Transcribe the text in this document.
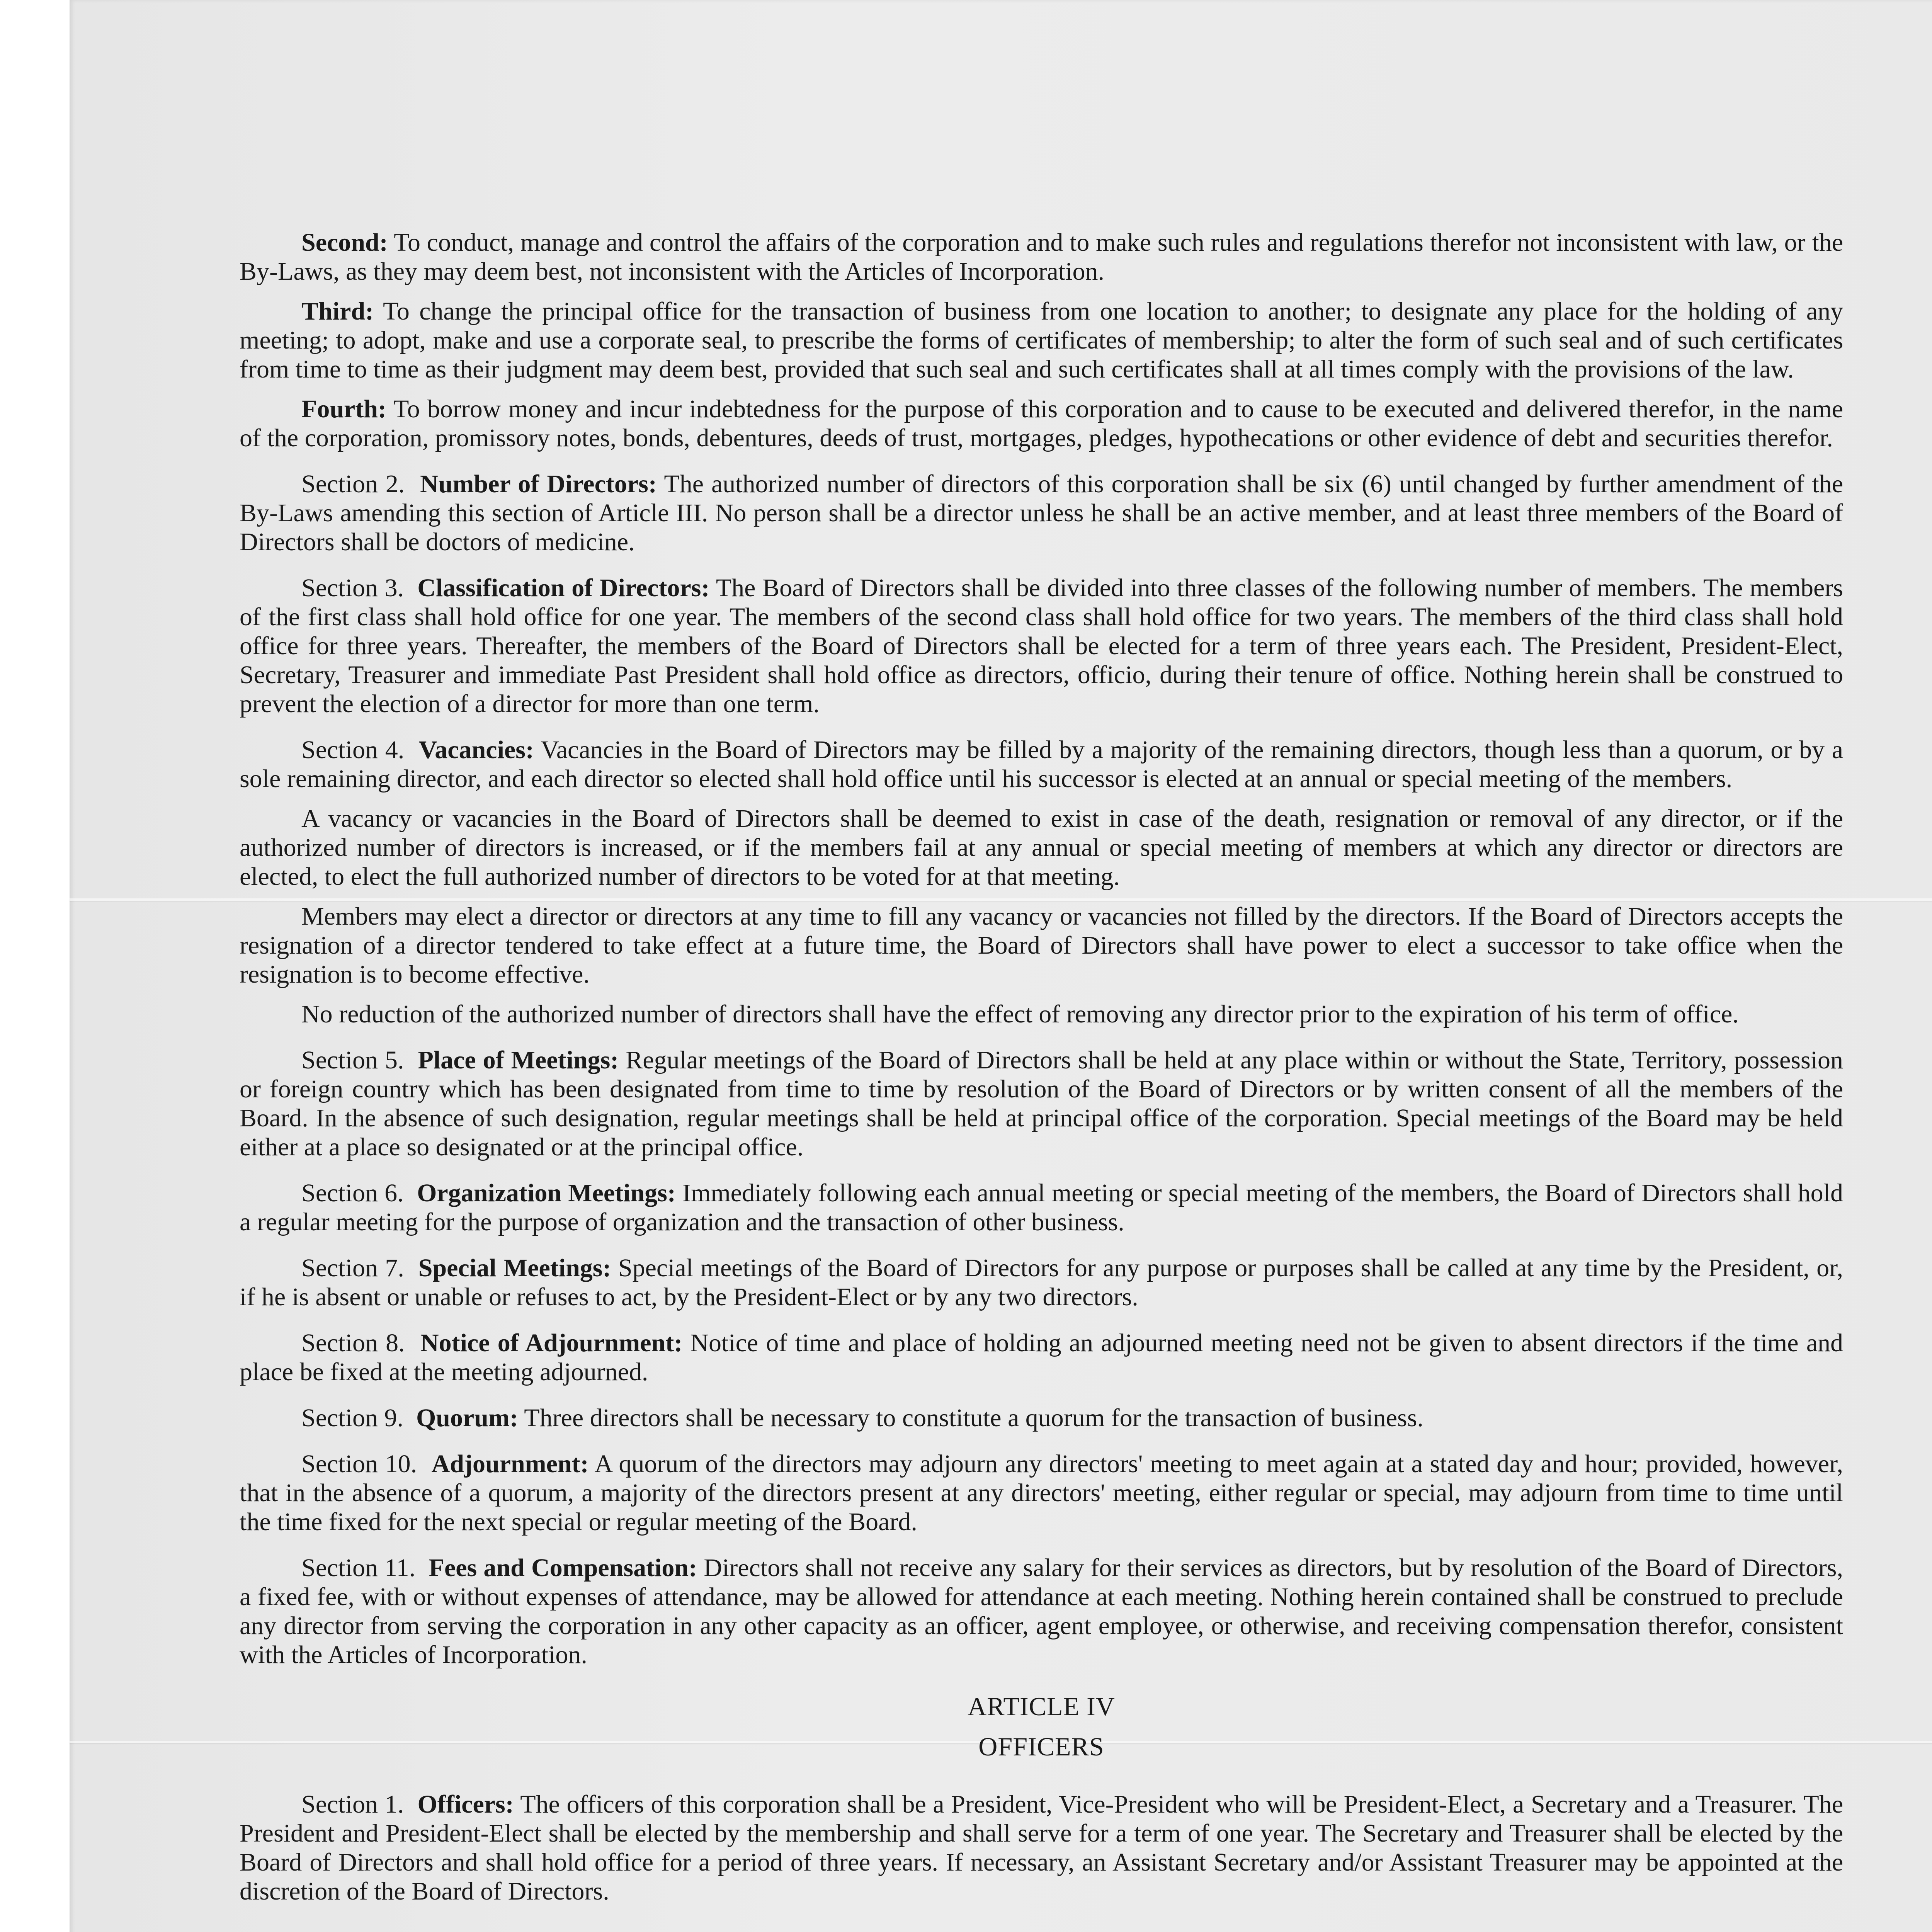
Second: To conduct, manage and control the affairs of the corporation and to make such rules and regulations therefor not inconsistent with law, or the By-Laws, as they may deem best, not inconsistent with the Articles of Incorporation.

Third: To change the principal office for the transaction of business from one location to another; to designate any place for the holding of any meeting; to adopt, make and use a corporate seal, to prescribe the forms of certificates of membership; to alter the form of such seal and of such certificates from time to time as their judgment may deem best, provided that such seal and such certificates shall at all times comply with the provisions of the law.

Fourth: To borrow money and incur indebtedness for the purpose of this corporation and to cause to be executed and delivered therefor, in the name of the corporation, promissory notes, bonds, debentures, deeds of trust, mortgages, pledges, hypothecations or other evidence of debt and securities therefor.

Section 2. Number of Directors: The authorized number of directors of this corporation shall be six (6) until changed by further amendment of the By-Laws amending this section of Article III. No person shall be a director unless he shall be an active member, and at least three members of the Board of Directors shall be doctors of medicine.

Section 3. Classification of Directors: The Board of Directors shall be divided into three classes of the following number of members. The members of the first class shall hold office for one year. The members of the second class shall hold office for two years. The members of the third class shall hold office for three years. Thereafter, the members of the Board of Directors shall be elected for a term of three years each. The President, President-Elect, Secretary, Treasurer and immediate Past President shall hold office as directors, officio, during their tenure of office. Nothing herein shall be construed to prevent the election of a director for more than one term.

Section 4. Vacancies: Vacancies in the Board of Directors may be filled by a majority of the remaining directors, though less than a quorum, or by a sole remaining director, and each director so elected shall hold office until his successor is elected at an annual or special meeting of the members.

A vacancy or vacancies in the Board of Directors shall be deemed to exist in case of the death, resignation or removal of any director, or if the authorized number of directors is increased, or if the members fail at any annual or special meeting of members at which any director or directors are elected, to elect the full authorized number of directors to be voted for at that meeting.

Members may elect a director or directors at any time to fill any vacancy or vacancies not filled by the directors. If the Board of Directors accepts the resignation of a director tendered to take effect at a future time, the Board of Directors shall have power to elect a successor to take office when the resignation is to become effective.

No reduction of the authorized number of directors shall have the effect of removing any director prior to the expiration of his term of office.

Section 5. Place of Meetings: Regular meetings of the Board of Directors shall be held at any place within or without the State, Territory, possession or foreign country which has been designated from time to time by resolution of the Board of Directors or by written consent of all the members of the Board. In the absence of such designation, regular meetings shall be held at principal office of the corporation. Special meetings of the Board may be held either at a place so designated or at the principal office.

Section 6. Organization Meetings: Immediately following each annual meeting or special meeting of the members, the Board of Directors shall hold a regular meeting for the purpose of organization and the transaction of other business.

Section 7. Special Meetings: Special meetings of the Board of Directors for any purpose or purposes shall be called at any time by the President, or, if he is absent or unable or refuses to act, by the President-Elect or by any two directors.

Section 8. Notice of Adjournment: Notice of time and place of holding an adjourned meeting need not be given to absent directors if the time and place be fixed at the meeting adjourned.

Section 9. Quorum: Three directors shall be necessary to constitute a quorum for the transaction of business.

Section 10. Adjournment: A quorum of the directors may adjourn any directors' meeting to meet again at a stated day and hour; provided, however, that in the absence of a quorum, a majority of the directors present at any directors' meeting, either regular or special, may adjourn from time to time until the time fixed for the next special or regular meeting of the Board.

Section 11. Fees and Compensation: Directors shall not receive any salary for their services as directors, but by resolution of the Board of Directors, a fixed fee, with or without expenses of attendance, may be allowed for attendance at each meeting. Nothing herein contained shall be construed to preclude any director from serving the corporation in any other capacity as an officer, agent employee, or otherwise, and receiving compensation therefor, consistent with the Articles of Incorporation.

ARTICLE IV

OFFICERS

Section 1. Officers: The officers of this corporation shall be a President, Vice-President who will be President-Elect, a Secretary and a Treasurer. The President and President-Elect shall be elected by the membership and shall serve for a term of one year. The Secretary and Treasurer shall be elected by the Board of Directors and shall hold office for a period of three years. If necessary, an Assistant Secretary and/or Assistant Treasurer may be appointed at the discretion of the Board of Directors.
